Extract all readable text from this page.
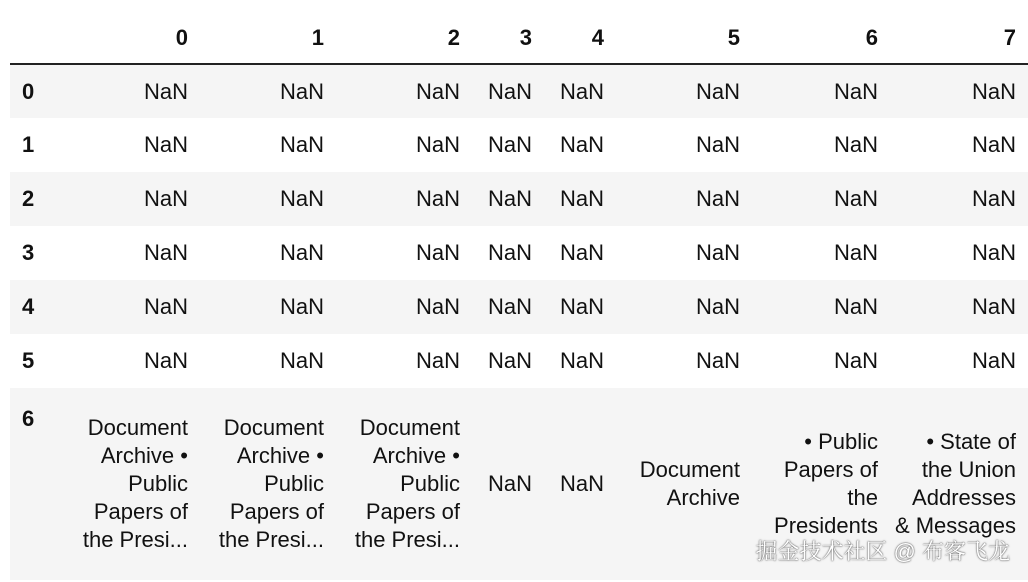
	0	1	2	3	4	5	6	7	
0	NaN	NaN	NaN	NaN	NaN	NaN	NaN	NaN	
1	NaN	NaN	NaN	NaN	NaN	NaN	NaN	NaN	
2	NaN	NaN	NaN	NaN	NaN	NaN	NaN	NaN	
3	NaN	NaN	NaN	NaN	NaN	NaN	NaN	NaN	
4	NaN	NaN	NaN	NaN	NaN	NaN	NaN	NaN	
5	NaN	NaN	NaN	NaN	NaN	NaN	NaN	NaN	
6	Document Archive • Public Papers of the Presi...	Document Archive • Public Papers of the Presi...	Document Archive • Public Papers of the Presi...	NaN	NaN	Document Archive	• Public Papers of the Presidents	• State of the Union Addresses & Messages	

掘金技术社区 @ 布客飞龙
